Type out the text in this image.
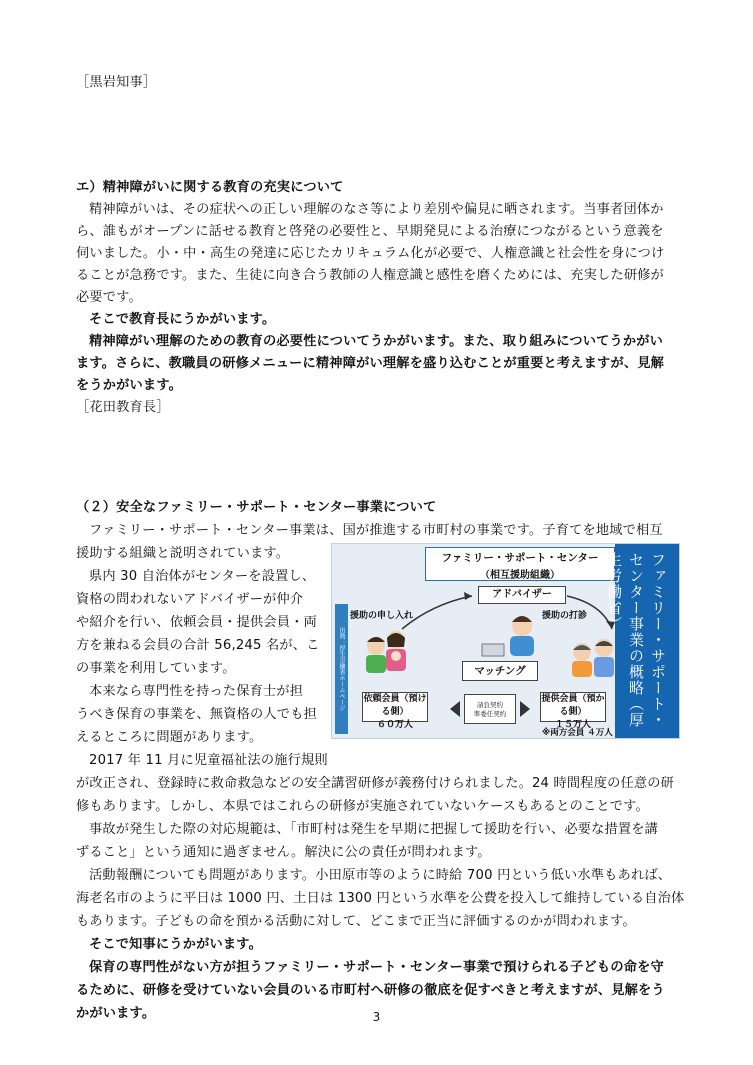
［黒岩知事］
エ）精神障がいに関する教育の充実について
精神障がいは、その症状への正しい理解のなさ等により差別や偏見に晒されます。当事者団体か
ら、誰もがオープンに話せる教育と啓発の必要性と、早期発見による治療につながるという意義を
伺いました。小・中・高生の発達に応じたカリキュラム化が必要で、人権意識と社会性を身につけ
ることが急務です。また、生徒に向き合う教師の人権意識と感性を磨くためには、充実した研修が
必要です。
そこで教育長にうかがいます。
精神障がい理解のための教育の必要性についてうかがいます。また、取り組みについてうかがい
ます。さらに、教職員の研修メニューに精神障がい理解を盛り込むことが重要と考えますが、見解
をうかがいます。
［花田教育長］
（２）安全なファミリー・サポート・センター事業について
ファミリー・サポート・センター事業は、国が推進する市町村の事業です。子育てを地域で相互
援助する組織と説明されています。
県内 30 自治体がセンターを設置し、
資格の問われないアドバイザーが仲介
や紹介を行い、依頼会員・提供会員・両
方を兼ねる会員の合計 56,245 名が、こ
の事業を利用しています。
本来なら専門性を持った保育士が担
うべき保育の事業を、無資格の人でも担
えるところに問題があります。
2017 年 11 月に児童福祉法の施行規則
が改正され、登録時に救命救急などの安全講習研修が義務付けられました。24 時間程度の任意の研
修もあります。しかし、本県ではこれらの研修が実施されていないケースもあるとのことです。
事故が発生した際の対応規範は、「市町村は発生を早期に把握して援助を行い、必要な措置を講
ずること」という通知に過ぎません。解決に公の責任が問われます。
活動報酬についても問題があります。小田原市等のように時給 700 円という低い水準もあれば、
海老名市のように平日は 1000 円、土日は 1300 円という水準を公費を投入して維持している自治体
もあります。子どもの命を預かる活動に対して、どこまで正当に評価するのかが問われます。
そこで知事にうかがいます。
保育の専門性がない方が担うファミリー・サポート・センター事業で預けられる子どもの命を守
るために、研修を受けていない会員のいる市町村へ研修の徹底を促すべきと考えますが、見解をう
かがいます。
出典：厚生労働省ホームページ
ファミリー・サポート・センター
（相互援助組織）
アドバイザー
援助の申し入れ	援助の打診
マッチング
依頼会員（預ける側）
６０万人
請負契約
準委任契約
提供会員（預かる側）
１５万人
※両方会員 ４万人
ファミリー・サポート・センター事業の概略（厚生労働省）
3
